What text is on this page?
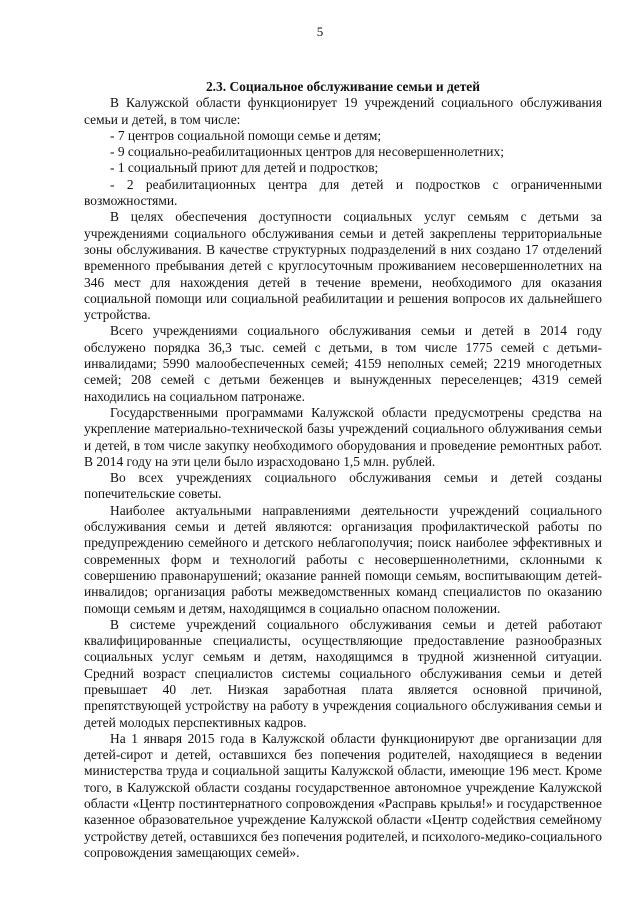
5

2.3. Социальное обслуживание семьи и детей

В Калужской области функционирует 19 учреждений социального обслуживания семьи и детей, в том числе:

- 7 центров социальной помощи семье и детям;
- 9 социально-реабилитационных центров для несовершеннолетних;
- 1 социальный приют для детей и подростков;
- 2 реабилитационных центра для детей и подростков с ограниченными возможностями.

В целях обеспечения доступности социальных услуг семьям с детьми за учреждениями социального обслуживания семьи и детей закреплены территориальные зоны обслуживания. В качестве структурных подразделений в них создано 17 отделений временного пребывания детей с круглосуточным проживанием несовершеннолетних на 346 мест для нахождения детей в течение времени, необходимого для оказания социальной помощи или социальной реабилитации и решения вопросов их дальнейшего устройства.

Всего учреждениями социального обслуживания семьи и детей в 2014 году обслужено порядка 36,3 тыс. семей с детьми, в том числе 1775 семей с детьми-инвалидами; 5990 малообеспеченных семей; 4159 неполных семей; 2219 многодетных семей; 208 семей с детьми беженцев и вынужденных переселенцев; 4319 семей находились на социальном патронаже.

Государственными программами Калужской области предусмотрены средства на укрепление материально-технической базы учреждений социального облуживания семьи и детей, в том числе закупку необходимого оборудования и проведение ремонтных работ. В 2014 году на эти цели было израсходовано 1,5 млн. рублей.

Во всех учреждениях социального обслуживания семьи и детей созданы попечительские советы.

Наиболее актуальными направлениями деятельности учреждений социального обслуживания семьи и детей являются: организация профилактической работы по предупреждению семейного и детского неблагополучия; поиск наиболее эффективных и современных форм и технологий работы с несовершеннолетними, склонными к совершению правонарушений; оказание ранней помощи семьям, воспитывающим детей-инвалидов; организация работы межведомственных команд специалистов по оказанию помощи семьям и детям, находящимся в социально опасном положении.

В системе учреждений социального обслуживания семьи и детей работают квалифицированные специалисты, осуществляющие предоставление разнообразных социальных услуг семьям и детям, находящимся в трудной жизненной ситуации. Средний возраст специалистов системы социального обслуживания семьи и детей превышает 40 лет. Низкая заработная плата является основной причиной, препятствующей устройству на работу в учреждения социального обслуживания семьи и детей молодых перспективных кадров.

На 1 января 2015 года в Калужской области функционируют две организации для детей-сирот и детей, оставшихся без попечения родителей, находящиеся в ведении министерства труда и социальной защиты Калужской области, имеющие 196 мест. Кроме того, в Калужской области созданы государственное автономное учреждение Калужской области «Центр постинтернатного сопровождения «Расправь крылья!» и государственное казенное образовательное учреждение Калужской области «Центр содействия семейному устройству детей, оставшихся без попечения родителей, и психолого-медико-социального сопровождения замещающих семей».
